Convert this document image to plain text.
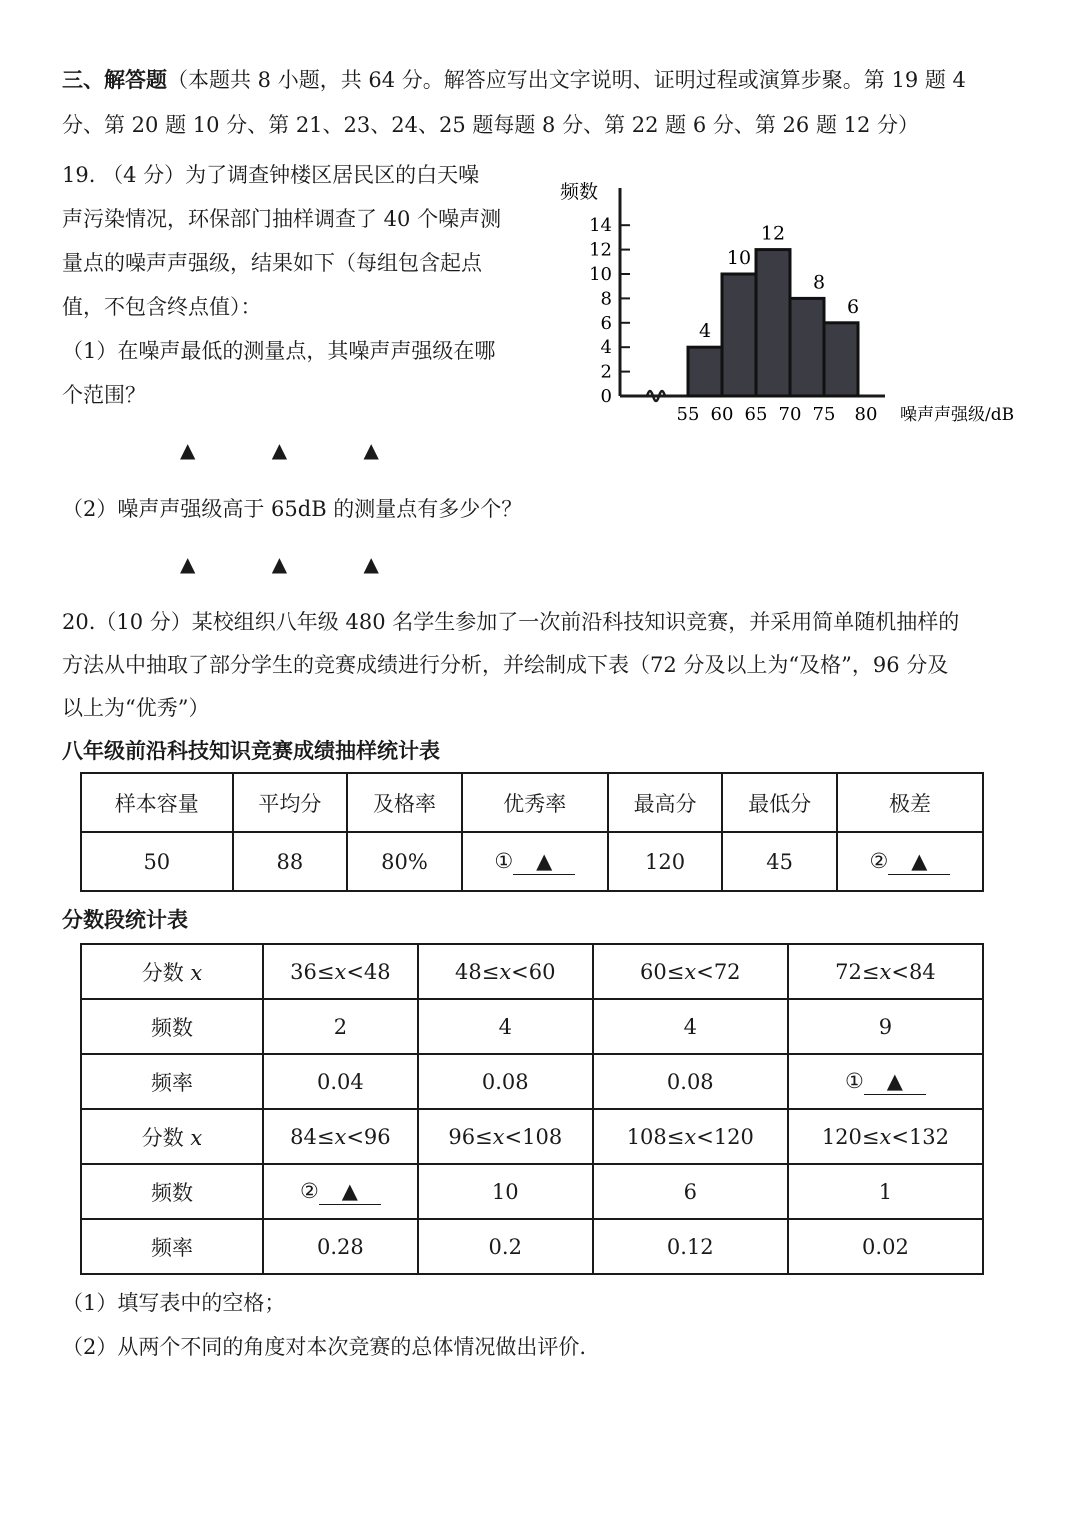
三、解答题（本题共 8 小题，共 64 分。解答应写出文字说明、证明过程或演算步聚。第 19 题 4
分、第 20 题 10 分、第 21、23、24、25 题每题 8 分、第 22 题 6 分、第 26 题 12 分）
19. （4 分）为了调查钟楼区居民区的白天噪
声污染情况，环保部门抽样调查了 40 个噪声测
量点的噪声声强级，结果如下（每组包含起点
值，不包含终点值）：
（1）在噪声最低的测量点，其噪声声强级在哪
个范围？
▲	▲	▲
（2）噪声声强级高于 65dB 的测量点有多少个？
▲	▲	▲
频数
0
2
4
6
8
10
12
14
4
10
12
8
6
55 60 65 70 75 80 噪声声强级/dB
20.（10 分）某校组织八年级 480 名学生参加了一次前沿科技知识竞赛，并采用简单随机抽样的
方法从中抽取了部分学生的竞赛成绩进行分析，并绘制成下表（72 分及以上为“及格”，96 分及
以上为“优秀”）
八年级前沿科技知识竞赛成绩抽样统计表
样本容量	平均分	及格率	优秀率	最高分	最低分	极差
50	88	80%	① ▲	120	45	② ▲
分数段统计表
分数 x	36≤x<48	48≤x<60	60≤x<72	72≤x<84
频数	2	4	4	9
频率	0.04	0.08	0.08	① ▲
分数 x	84≤x<96	96≤x<108	108≤x<120	120≤x<132
频数	② ▲	10	6	1
频率	0.28	0.2	0.12	0.02
（1）填写表中的空格；
（2）从两个不同的角度对本次竞赛的总体情况做出评价.
